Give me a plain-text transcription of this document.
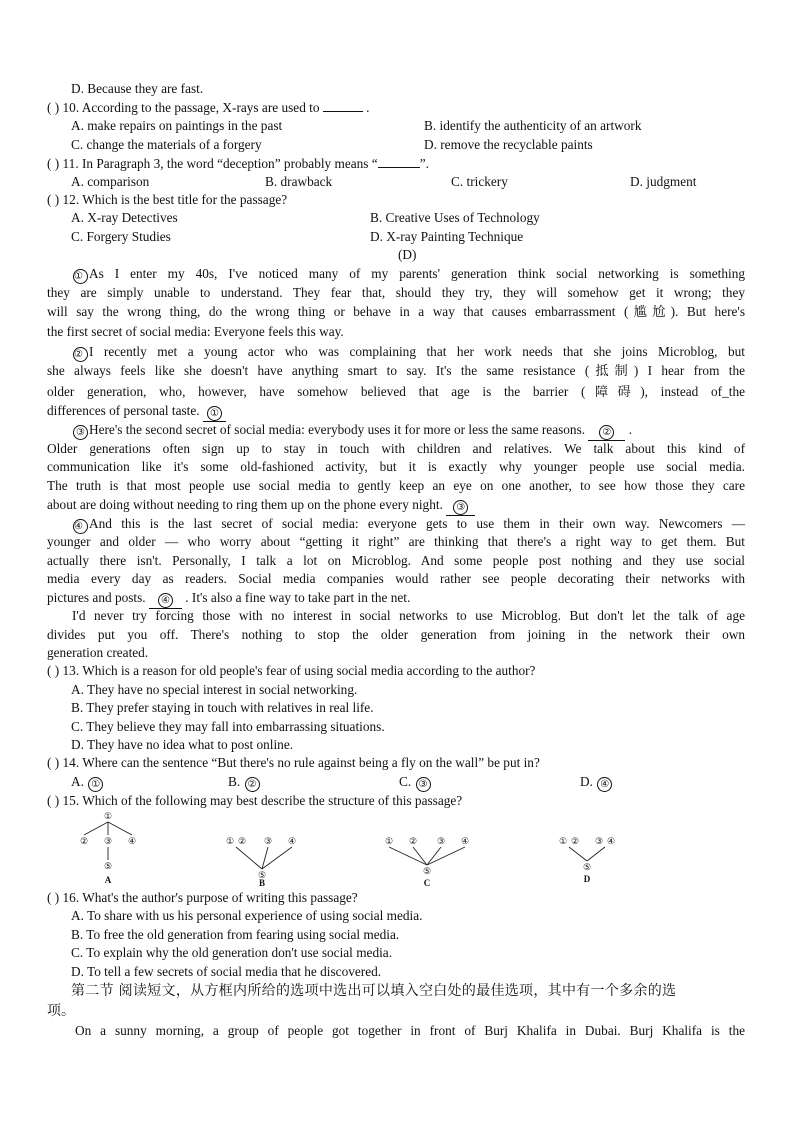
D. Because they are fast.
( ) 10. According to the passage, X-rays are used to	.
A. make repairs on paintings in the past	B. identify the authenticity of an artwork
C. change the materials of a forgery	D. remove the recyclable paints
( ) 11. In Paragraph 3, the word “deception” probably means “	”.
A. comparison	B. drawback	C. trickery	D. judgment
( ) 12. Which is the best title for the passage?
A. X-ray Detectives	B. Creative Uses of Technology
C. Forgery Studies	D. X-ray Painting Technique
(D)
① As I enter my 40s, I've noticed many of my parents' generation think social networking is something
they are simply unable to understand. They fear that, should they try, they will somehow get it wrong; they
will say the wrong thing, do the wrong thing or behave in a way that causes embarrassment (尴尬). But here's
the first secret of social media: Everyone feels this way.
② I recently met a young actor who was complaining that her work needs that she joins Microblog, but
she always feels like she doesn't have anything smart to say. It's the same resistance (抵制) I hear from the
older generation, who, however, have somehow believed that age is the barrier (障碍), instead of_the
differences of personal taste. ①
③ Here's the second secret of social media: everybody uses it for more or less the same reasons. ② .
Older generations often sign up to stay in touch with children and relatives. We talk about this kind of
communication like it's some old-fashioned activity, but it is exactly why younger people use social media.
The truth is that most people use social media to gently keep an eye on one another, to see how those they care
about are doing without needing to ring them up on the phone every night. ③
④ And this is the last secret of social media: everyone gets to use them in their own way. Newcomers —
younger and older — who worry about “getting it right” are thinking that there's a right way to get them. But
actually there isn't. Personally, I talk a lot on Microblog. And some people post nothing and they use social
media every day as readers. Social media companies would rather see people decorating their networks with
pictures and posts. ④ . It's also a fine way to take part in the net.
I'd never try forcing those with no interest in social networks to use Microblog. But don't let the talk of age
divides put you off. There's nothing to stop the older generation from joining in the network their own
generation created.
( ) 13. Which is a reason for old people's fear of using social media according to the author?
A. They have no special interest in social networking.
B. They prefer staying in touch with relatives in real life.
C. They believe they may fall into embarrassing situations.
D. They have no idea what to post online.
( ) 14. Where can the sentence “But there's no rule against being a fly on the wall” be put in?
A. ①	B. ②	C. ③	D. ④
( ) 15. Which of the following may best describe the structure of this passage?
①
② ③ ④
⑤
① ② ③ ④
⑤
① ② ③ ④
⑤
① ② ③ ④
⑤
A	B	C	D
( ) 16. What's the author's purpose of writing this passage?
A. To share with us his personal experience of using social media.
B. To free the old generation from fearing using social media.
C. To explain why the old generation don't use social media.
D. To tell a few secrets of social media that he discovered.
第二节 阅读短文，从方框内所给的选项中选出可以填入空白处的最佳选项，其中有一个多余的选
项。
On a sunny morning, a group of people got together in front of Burj Khalifa in Dubai. Burj Khalifa is the
